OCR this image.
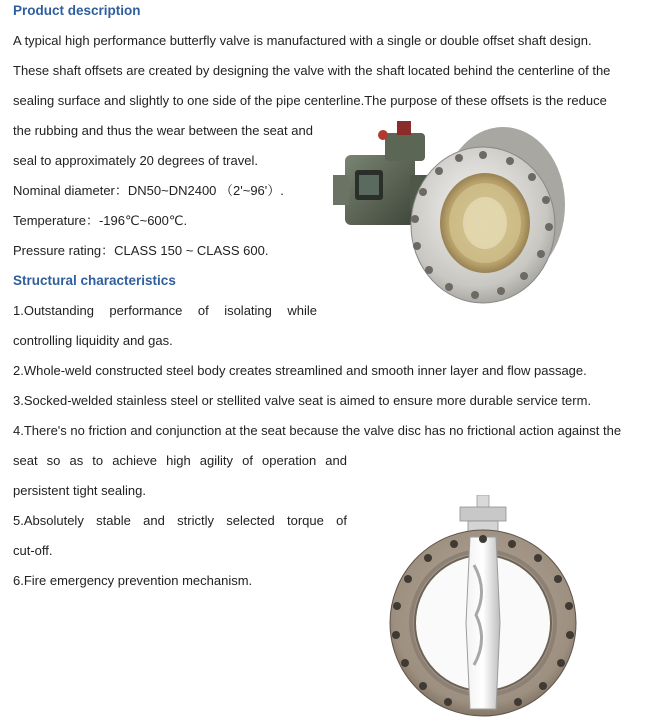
Product description
A typical high performance butterfly valve is manufactured with a single or double offset shaft design.
These shaft offsets are created by designing the valve with the shaft located behind the centerline of the
sealing surface and slightly to one side of the pipe centerline.The purpose of these offsets is the reduce
the rubbing and thus the wear between the seat and
seal to approximately 20 degrees of travel.
Nominal diameter：DN50~DN2400 （2'~96'）.
Temperature：-196℃~600℃.
Pressure rating：CLASS 150 ~ CLASS 600.
Structural characteristics
1.Outstanding performance of isolating while
controlling liquidity and gas.
2.Whole-weld constructed steel body creates streamlined and smooth inner layer and flow passage.
3.Socked-welded stainless steel or stellited valve seat is aimed to ensure more durable service term.
4.There's no friction and conjunction at the seat because the valve disc has no frictional action against the
seat so as to achieve high agility of operation and
persistent tight sealing.
5.Absolutely stable and strictly selected torque of
cut-off.
6.Fire emergency prevention mechanism.
